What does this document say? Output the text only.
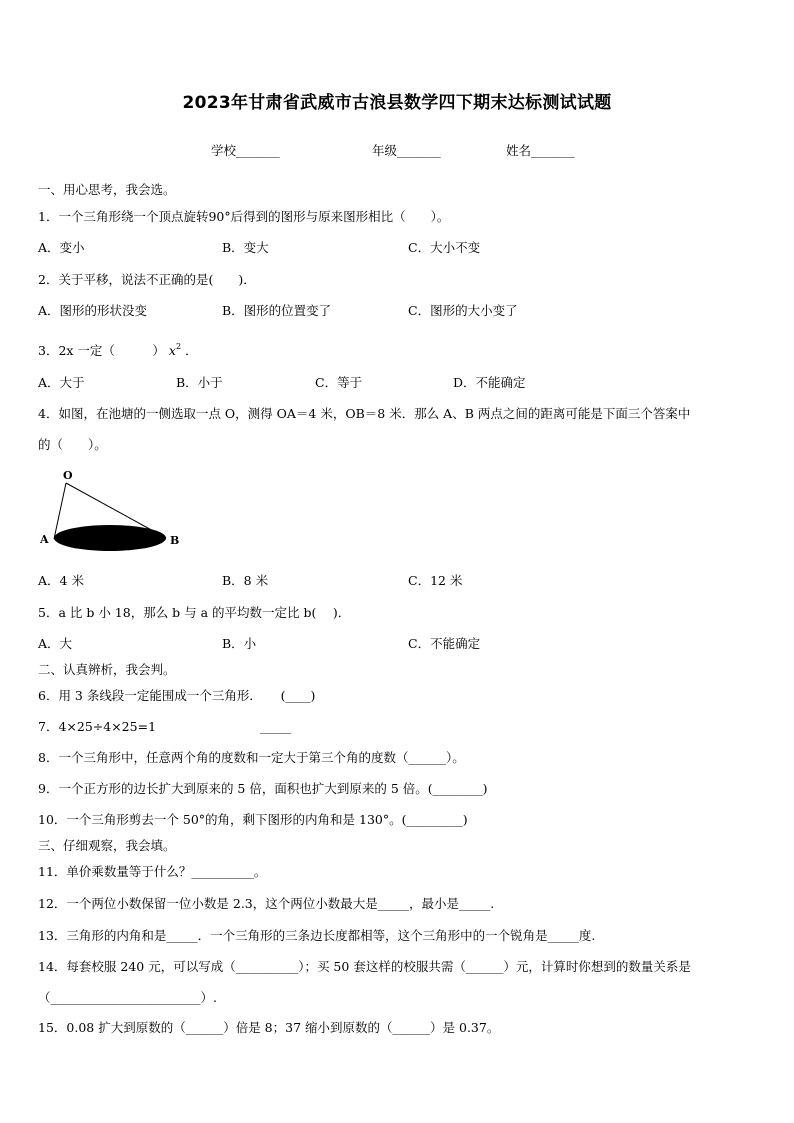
2023年甘肃省武威市古浪县数学四下期末达标测试试题
学校_______	年级_______	姓名_______
一、用心思考，我会选。
1．一个三角形绕一个顶点旋转90°后得到的图形与原来图形相比（　　）。
A．变小	B．变大	C．大小不变
2．关于平移，说法不正确的是(　　)．
A．图形的形状没变	B．图形的位置变了	C．图形的大小变了
3．2x 一定（　　　） $x^2$ ．
A．大于	B．小于	C．等于	D．不能确定
4．如图，在池塘的一侧选取一点 O，测得 OA＝4 米，OB＝8 米．那么 A、B 两点之间的距离可能是下面三个答案中
的（　　）。
O
A	B
A．4 米	B．8 米	C．12 米
5．a 比 b 小 18，那么 b 与 a 的平均数一定比 b(　 )．
A．大	B．小	C．不能确定
二、认真辨析，我会判。
6．用 3 条线段一定能围成一个三角形．　　(____)
7．4×25÷4×25=1	_____
8．一个三角形中，任意两个角的度数和一定大于第三个角的度数（______）。
9．一个正方形的边长扩大到原来的 5 倍，面积也扩大到原来的 5 倍。(________)
10．一个三角形剪去一个 50°的角，剩下图形的内角和是 130°。(_________)
三、仔细观察，我会填。
11．单价乘数量等于什么？__________。
12．一个两位小数保留一位小数是 2.3，这个两位小数最大是_____，最小是_____.
13．三角形的内角和是_____．一个三角形的三条边长度都相等，这个三角形中的一个锐角是_____度.
14．每套校服 240 元，可以写成（__________）；买 50 套这样的校服共需（______）元，计算时你想到的数量关系是
（________________________）.
15．0.08 扩大到原数的（______）倍是 8；37 缩小到原数的（______）是 0.37。
